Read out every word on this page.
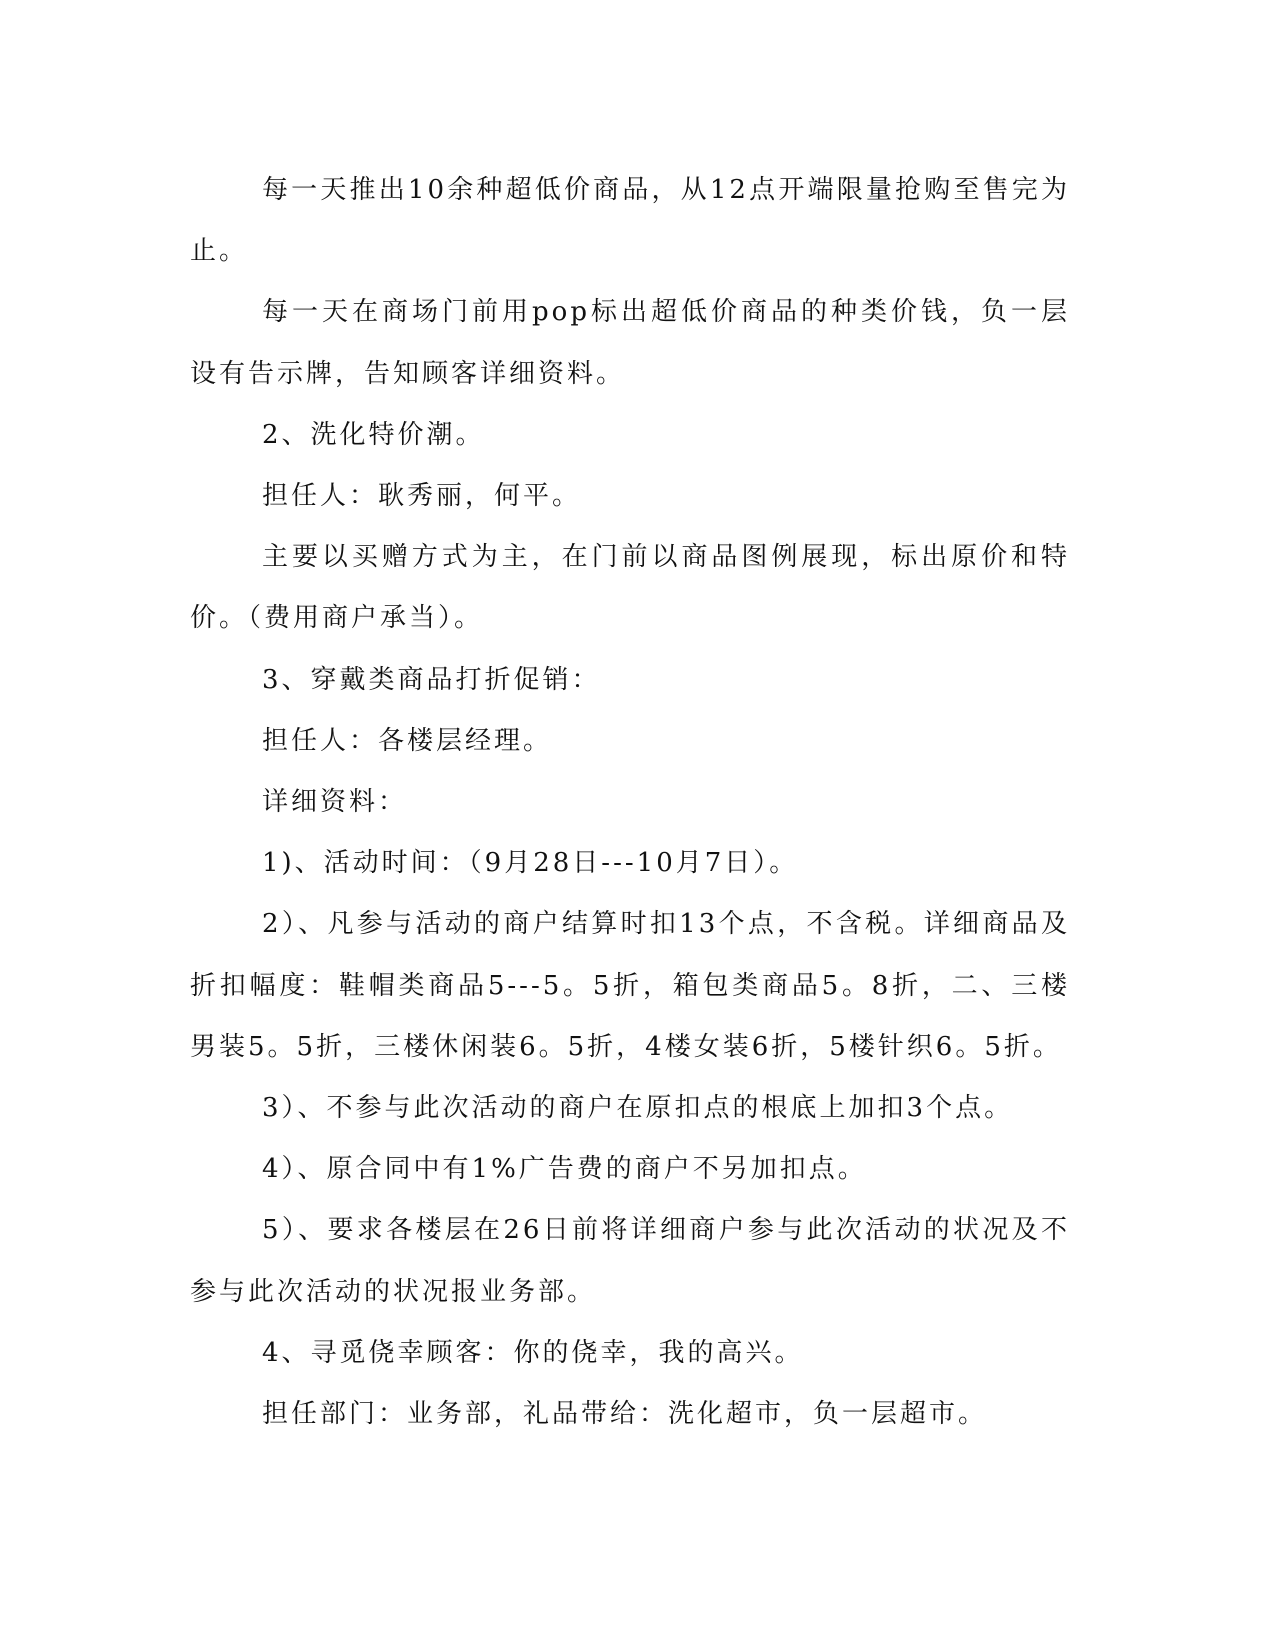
每一天推出10余种超低价商品，从12点开端限量抢购至售完为止。

每一天在商场门前用pop标出超低价商品的种类价钱，负一层设有告示牌，告知顾客详细资料。

2、洗化特价潮。

担任人：耿秀丽，何平。

主要以买赠方式为主，在门前以商品图例展现，标出原价和特价。（费用商户承当）。

3、穿戴类商品打折促销：

担任人：各楼层经理。

详细资料：

1)、活动时间：（9月28日---10月7日）。

2）、凡参与活动的商户结算时扣13个点，不含税。详细商品及折扣幅度：鞋帽类商品5---5。5折，箱包类商品5。8折，二、三楼男装5。5折，三楼休闲装6。5折，4楼女装6折，5楼针织6。5折。

3）、不参与此次活动的商户在原扣点的根底上加扣3个点。

4）、原合同中有1%广告费的商户不另加扣点。

5）、要求各楼层在26日前将详细商户参与此次活动的状况及不参与此次活动的状况报业务部。

4、寻觅侥幸顾客：你的侥幸，我的高兴。

担任部门：业务部，礼品带给：洗化超市，负一层超市。
